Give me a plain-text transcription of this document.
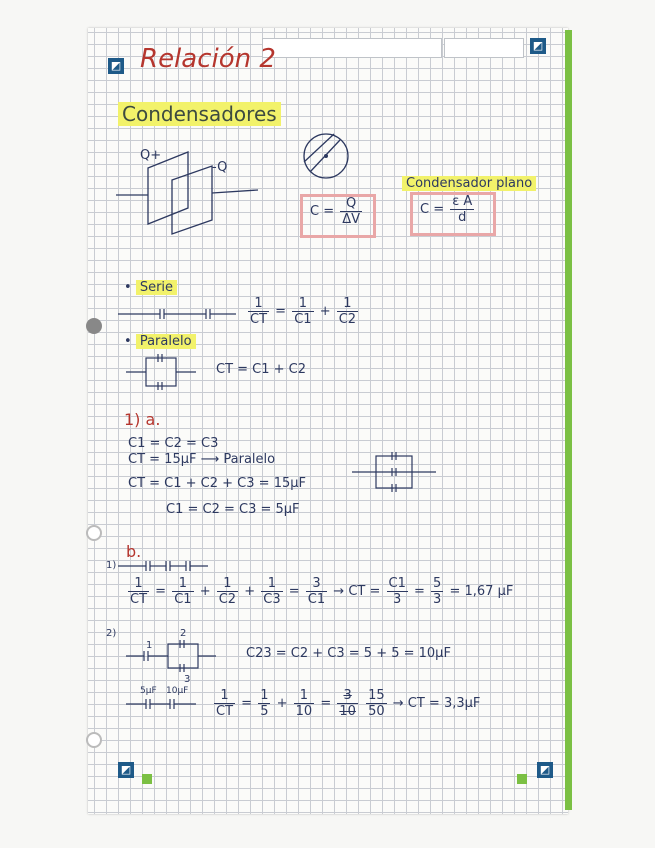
◩
◩
◩	◩
Relación 2
Condensadores
Q+
-Q
$C = \frac{Q}{\Delta V}$
Condensador plano
$C = \frac{\text{ε A}}{d}$
• Serie
$\frac{1}{CT} = \frac{1}{C1} + \frac{1}{C2}$
• Paralelo
CT = C1 + C2
1) a.
C1 = C2 = C3
CT = 15μF ⟶ Paralelo
CT = C1 + C2 + C3 = 15μF
C1 = C2 = C3 = 5μF
b.
1)
$\frac{1}{CT} = \frac{1}{C1} + \frac{1}{C2} + \frac{1}{C3} = \frac{3}{C1}$ → CT = $\frac{C1}{3} = \frac{5}{3} = 1,67$ μF
2)	2
3
1
C23 = C2 + C3 = 5 + 5 = 10μF
5μF $10\mu F \frac{1}{CT} = \frac{1}{5} + \frac{1}{10} = \frac{3}{10}$
$\frac{15}{50}$ → CT = 3,3μF
